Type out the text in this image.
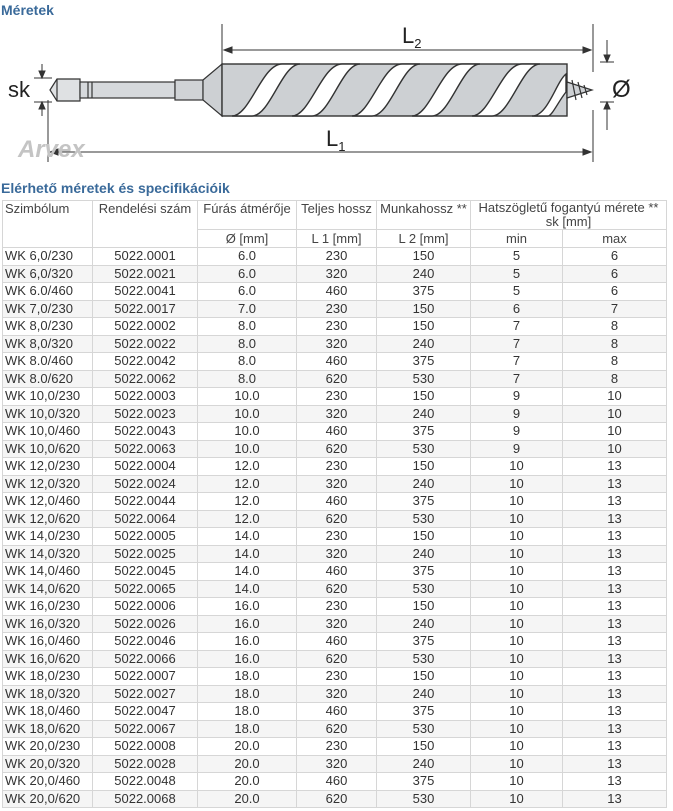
Méretek
sk
$L_2$
$L_1$
Ø
Arvex
Elérhető méretek és specifikációik
Szimbólum	Rendelési szám	Fúrás átmérője	Teljes hossz	Munkahossz **	Hatszögletű fogantyú mérete ** sk [mm]	
		Ø [mm]	L 1 [mm]	L 2 [mm]	min	max
WK 6,0/230	5022.0001	6.0	230	150	5	6
WK 6,0/320	5022.0021	6.0	320	240	5	6
WK 6.0/460	5022.0041	6.0	460	375	5	6
WK 7,0/230	5022.0017	7.0	230	150	6	7
WK 8,0/230	5022.0002	8.0	230	150	7	8
WK 8,0/320	5022.0022	8.0	320	240	7	8
WK 8.0/460	5022.0042	8.0	460	375	7	8
WK 8.0/620	5022.0062	8.0	620	530	7	8
WK 10,0/230	5022.0003	10.0	230	150	9	10
WK 10,0/320	5022.0023	10.0	320	240	9	10
WK 10,0/460	5022.0043	10.0	460	375	9	10
WK 10,0/620	5022.0063	10.0	620	530	9	10
WK 12,0/230	5022.0004	12.0	230	150	10	13
WK 12,0/320	5022.0024	12.0	320	240	10	13
WK 12,0/460	5022.0044	12.0	460	375	10	13
WK 12,0/620	5022.0064	12.0	620	530	10	13
WK 14,0/230	5022.0005	14.0	230	150	10	13
WK 14,0/320	5022.0025	14.0	320	240	10	13
WK 14,0/460	5022.0045	14.0	460	375	10	13
WK 14,0/620	5022.0065	14.0	620	530	10	13
WK 16,0/230	5022.0006	16.0	230	150	10	13
WK 16,0/320	5022.0026	16.0	320	240	10	13
WK 16,0/460	5022.0046	16.0	460	375	10	13
WK 16,0/620	5022.0066	16.0	620	530	10	13
WK 18,0/230	5022.0007	18.0	230	150	10	13
WK 18,0/320	5022.0027	18.0	320	240	10	13
WK 18,0/460	5022.0047	18.0	460	375	10	13
WK 18,0/620	5022.0067	18.0	620	530	10	13
WK 20,0/230	5022.0008	20.0	230	150	10	13
WK 20,0/320	5022.0028	20.0	320	240	10	13
WK 20,0/460	5022.0048	20.0	460	375	10	13
WK 20,0/620	5022.0068	20.0	620	530	10	13
